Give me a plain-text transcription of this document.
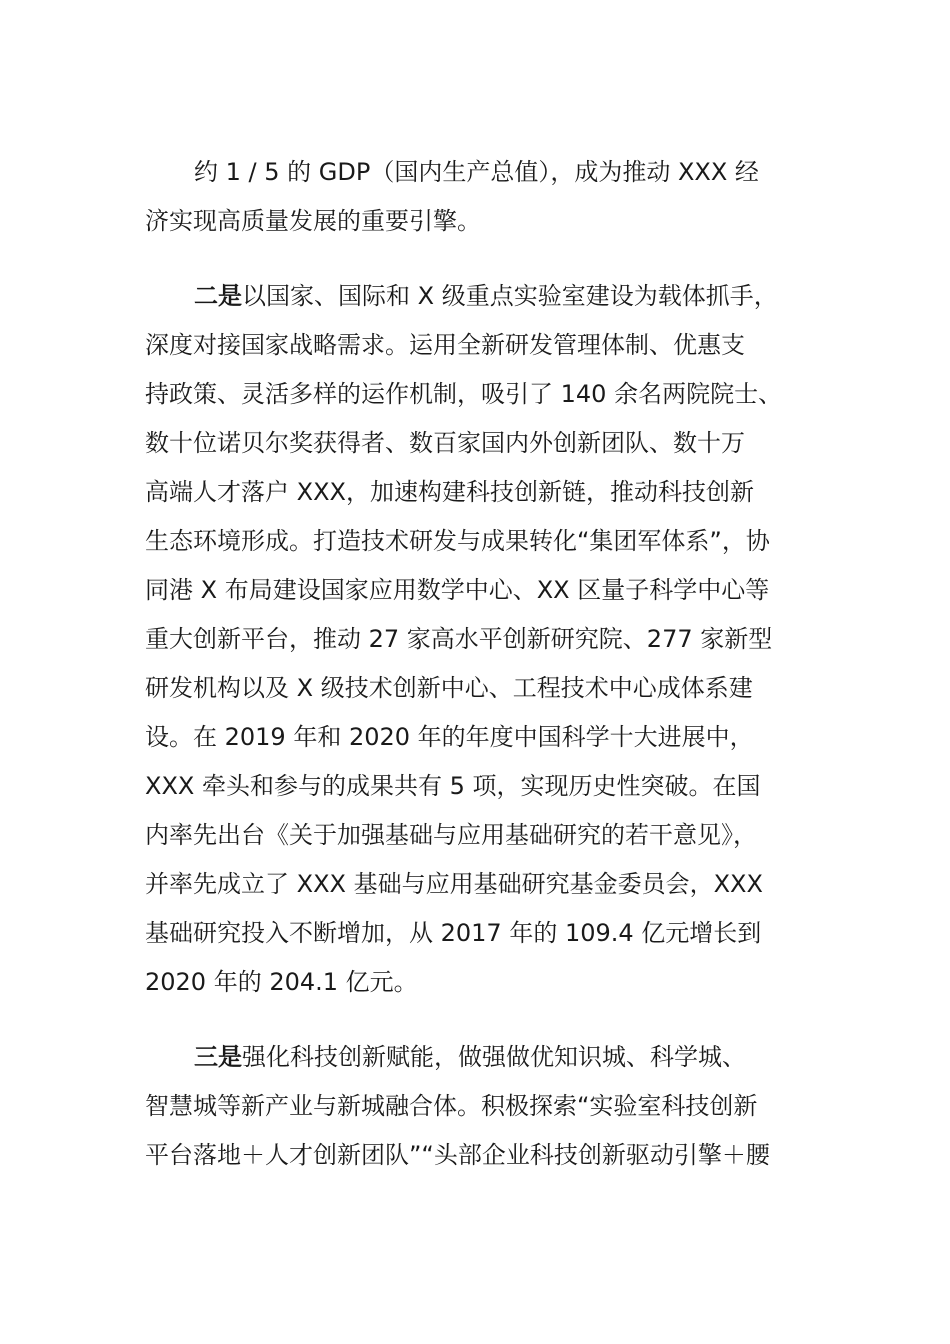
约 1 / 5 的 GDP（国内生产总值），成为推动 XXX 经
济实现高质量发展的重要引擎。
二是以国家、国际和 X 级重点实验室建设为载体抓手，
深度对接国家战略需求。运用全新研发管理体制、优惠支
持政策、灵活多样的运作机制，吸引了 140 余名两院院士、
数十位诺贝尔奖获得者、数百家国内外创新团队、数十万
高端人才落户 XXX，加速构建科技创新链，推动科技创新
生态环境形成。打造技术研发与成果转化“集团军体系”，协
同港 X 布局建设国家应用数学中心、XX 区量子科学中心等
重大创新平台，推动 27 家高水平创新研究院、277 家新型
研发机构以及 X 级技术创新中心、工程技术中心成体系建
设。在 2019 年和 2020 年的年度中国科学十大进展中，
XXX 牵头和参与的成果共有 5 项，实现历史性突破。在国
内率先出台《关于加强基础与应用基础研究的若干意见》，
并率先成立了 XXX 基础与应用基础研究基金委员会，XXX
基础研究投入不断增加，从 2017 年的 109.4 亿元增长到
2020 年的 204.1 亿元。
三是强化科技创新赋能，做强做优知识城、科学城、
智慧城等新产业与新城融合体。积极探索“实验室科技创新
平台落地＋人才创新团队”“头部企业科技创新驱动引擎＋腰
